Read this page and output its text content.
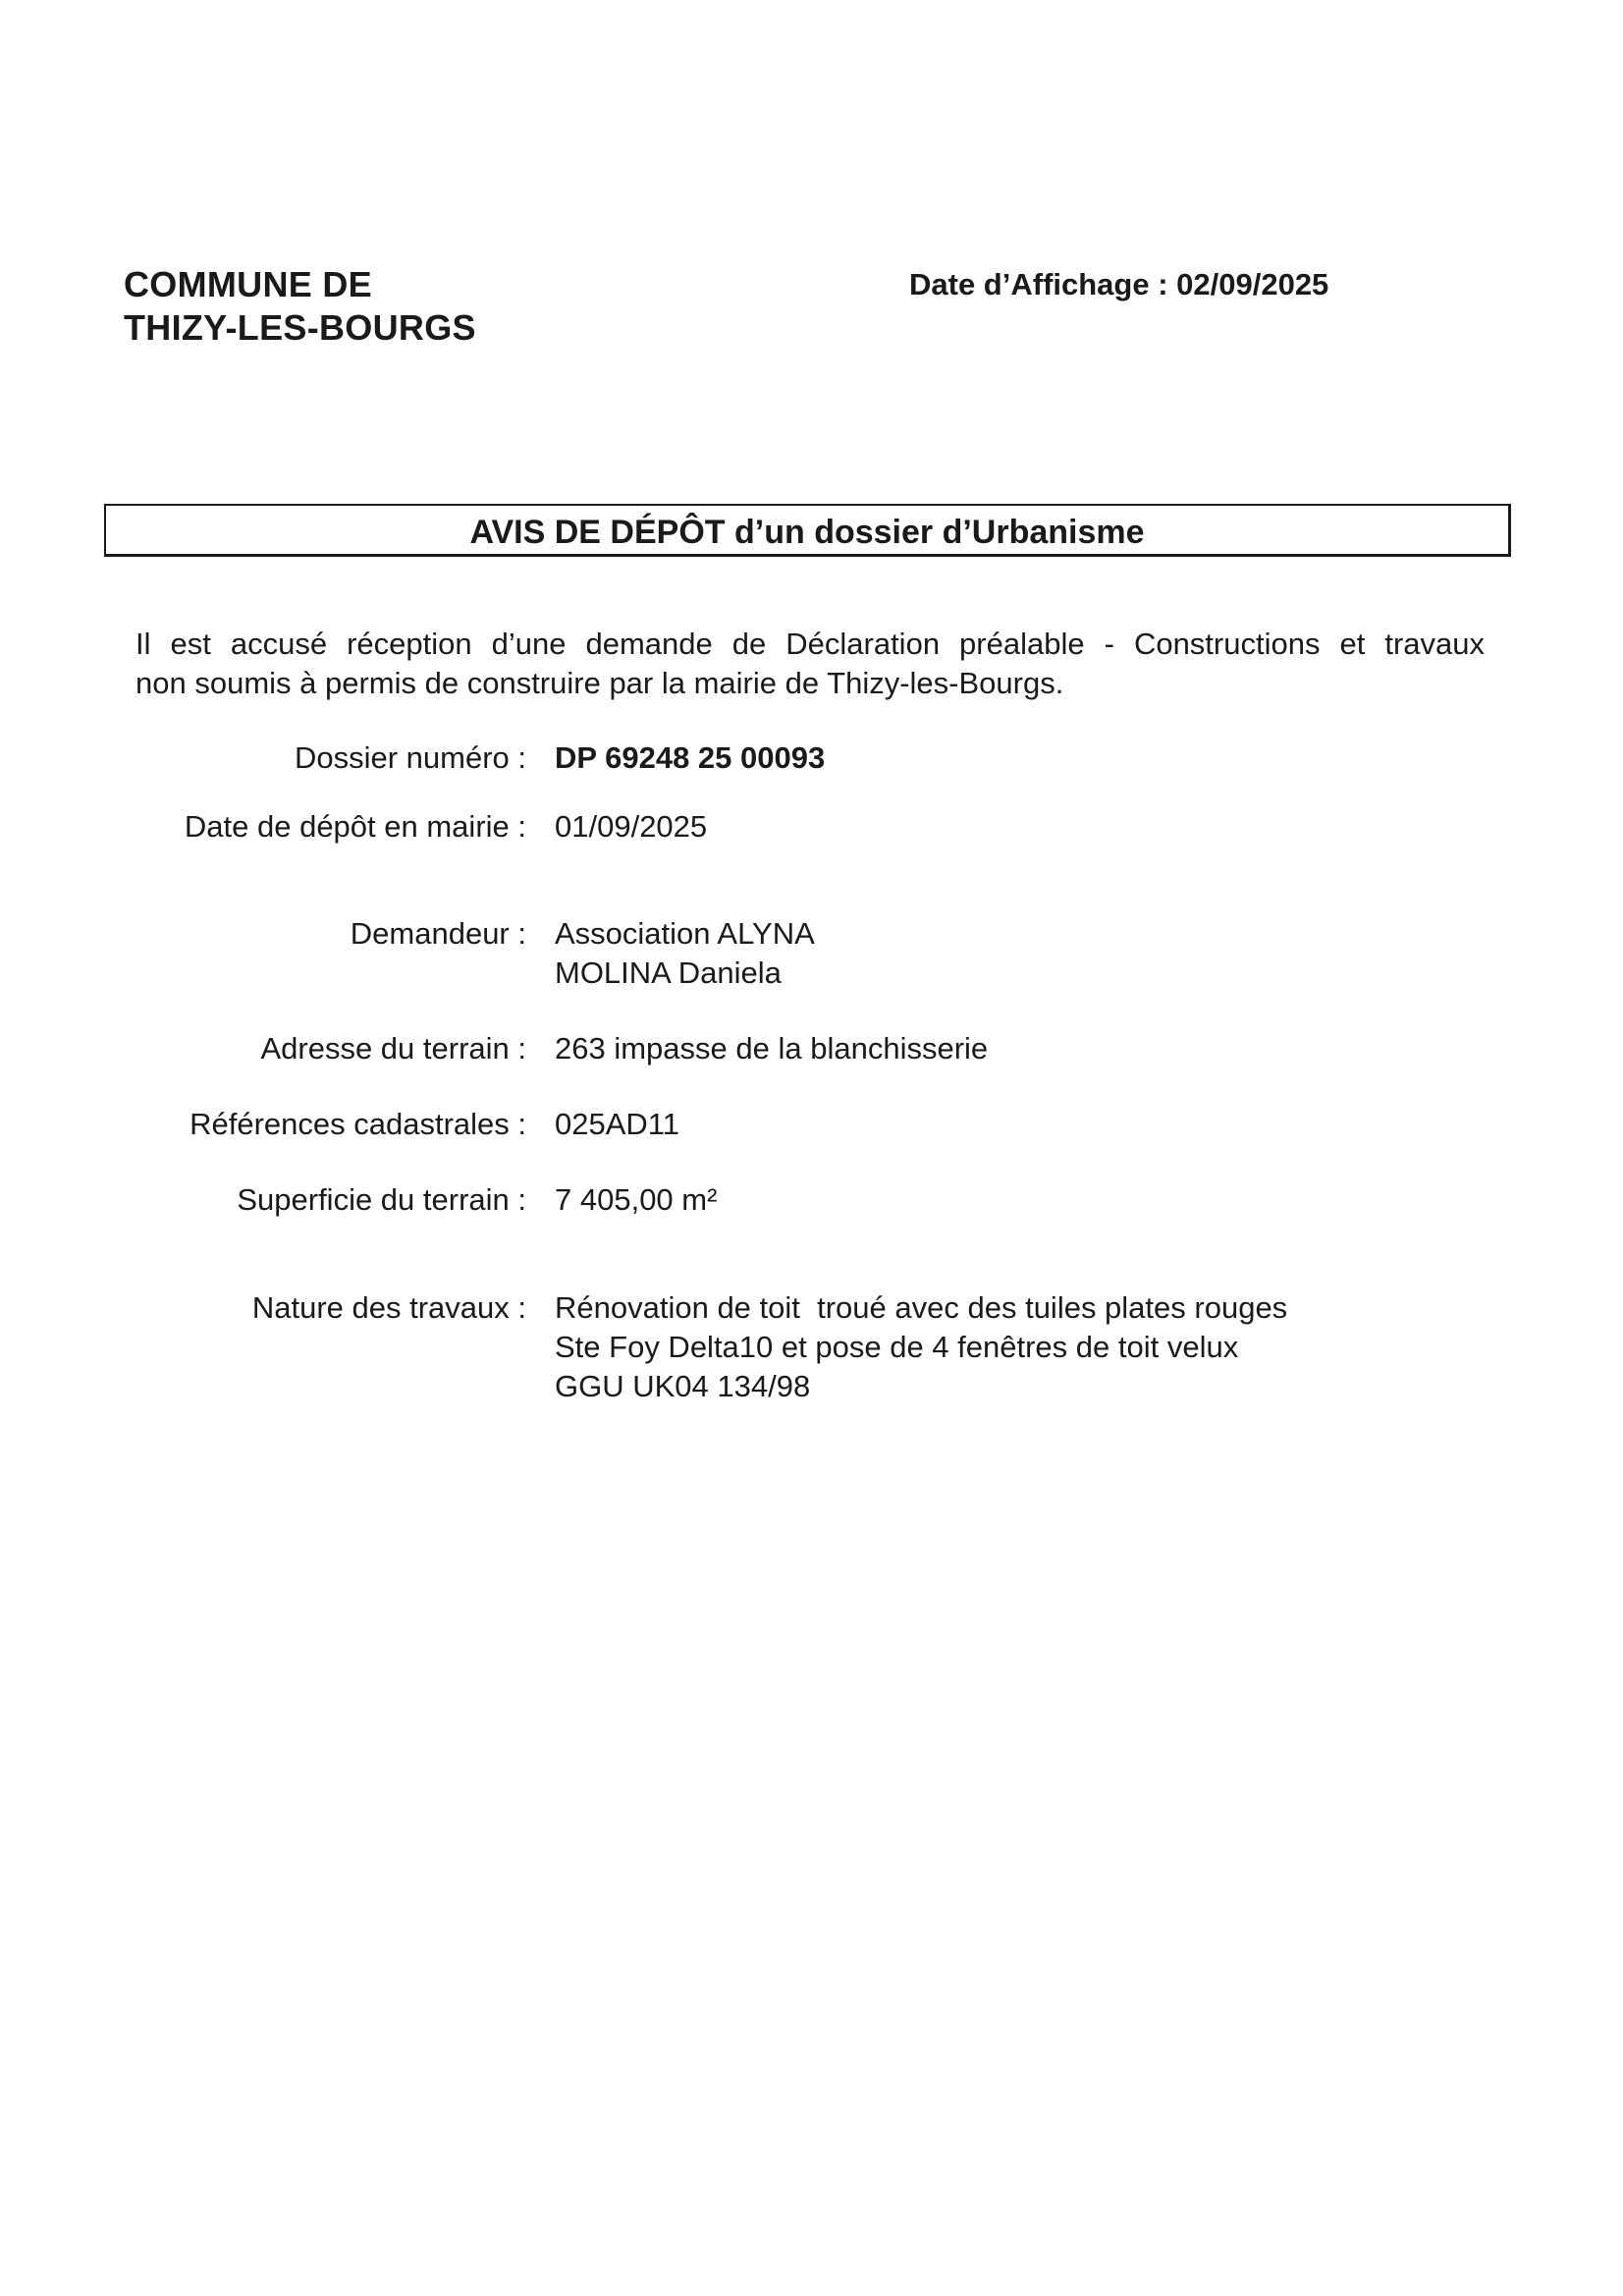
COMMUNE DE
THIZY-LES-BOURGS
Date d’Affichage : 02/09/2025
AVIS DE DÉPÔT d’un dossier d’Urbanisme
Il est accusé réception d’une demande de Déclaration préalable - Constructions et travaux
non soumis à permis de construire par la mairie de Thizy-les-Bourgs.
Dossier numéro : DP 69248 25 00093
Date de dépôt en mairie : 01/09/2025
Demandeur : Association ALYNA
MOLINA Daniela
Adresse du terrain : 263 impasse de la blanchisserie
Références cadastrales : 025AD11
Superficie du terrain : 7 405,00 m²
Nature des travaux : Rénovation de toit  troué avec des tuiles plates rouges
Ste Foy Delta10 et pose de 4 fenêtres de toit velux
GGU UK04 134/98
